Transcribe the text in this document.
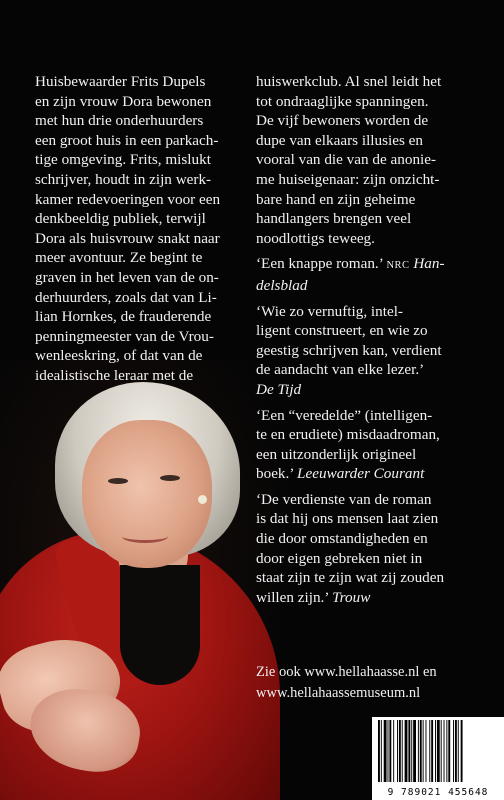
Huisbewaarder Frits Dupels
en zijn vrouw Dora bewonen
met hun drie onderhuurders
een groot huis in een parkach-
tige omgeving. Frits, mislukt
schrijver, houdt in zijn werk-
kamer redevoeringen voor een
denkbeeldig publiek, terwijl
Dora als huisvrouw snakt naar
meer avontuur. Ze begint te
graven in het leven van de on-
derhuurders, zoals dat van Li-
lian Hornkes, de frauderende
penningmeester van de Vrou-
wenleeskring, of dat van de
idealistische leraar met de

huiswerkclub. Al snel leidt het
tot ondraaglijke spanningen.

De vijf bewoners worden de
dupe van elkaars illusies en
vooral van die van de anonie-
me huiseigenaar: zijn onzicht-
bare hand en zijn geheime
handlangers brengen veel
noodlottigs teweeg.

‘Een knappe roman.’ NRC Han-
delsblad

‘Wie zo vernuftig, intel-
ligent construeert, en wie zo
geestig schrijven kan, verdient
de aandacht van elke lezer.’
De Tijd

‘Een “veredelde” (intelligen-
te en erudiete) misdaadroman,
een uitzonderlijk origineel
boek.’ Leeuwarder Courant

‘De verdienste van de roman
is dat hij ons mensen laat zien
die door omstandigheden en
door eigen gebreken niet in
staat zijn te zijn wat zij zouden
willen zijn.’ Trouw

Zie ook www.hellahaasse.nl en
www.hellahaassemuseum.nl
9 789021 455648
